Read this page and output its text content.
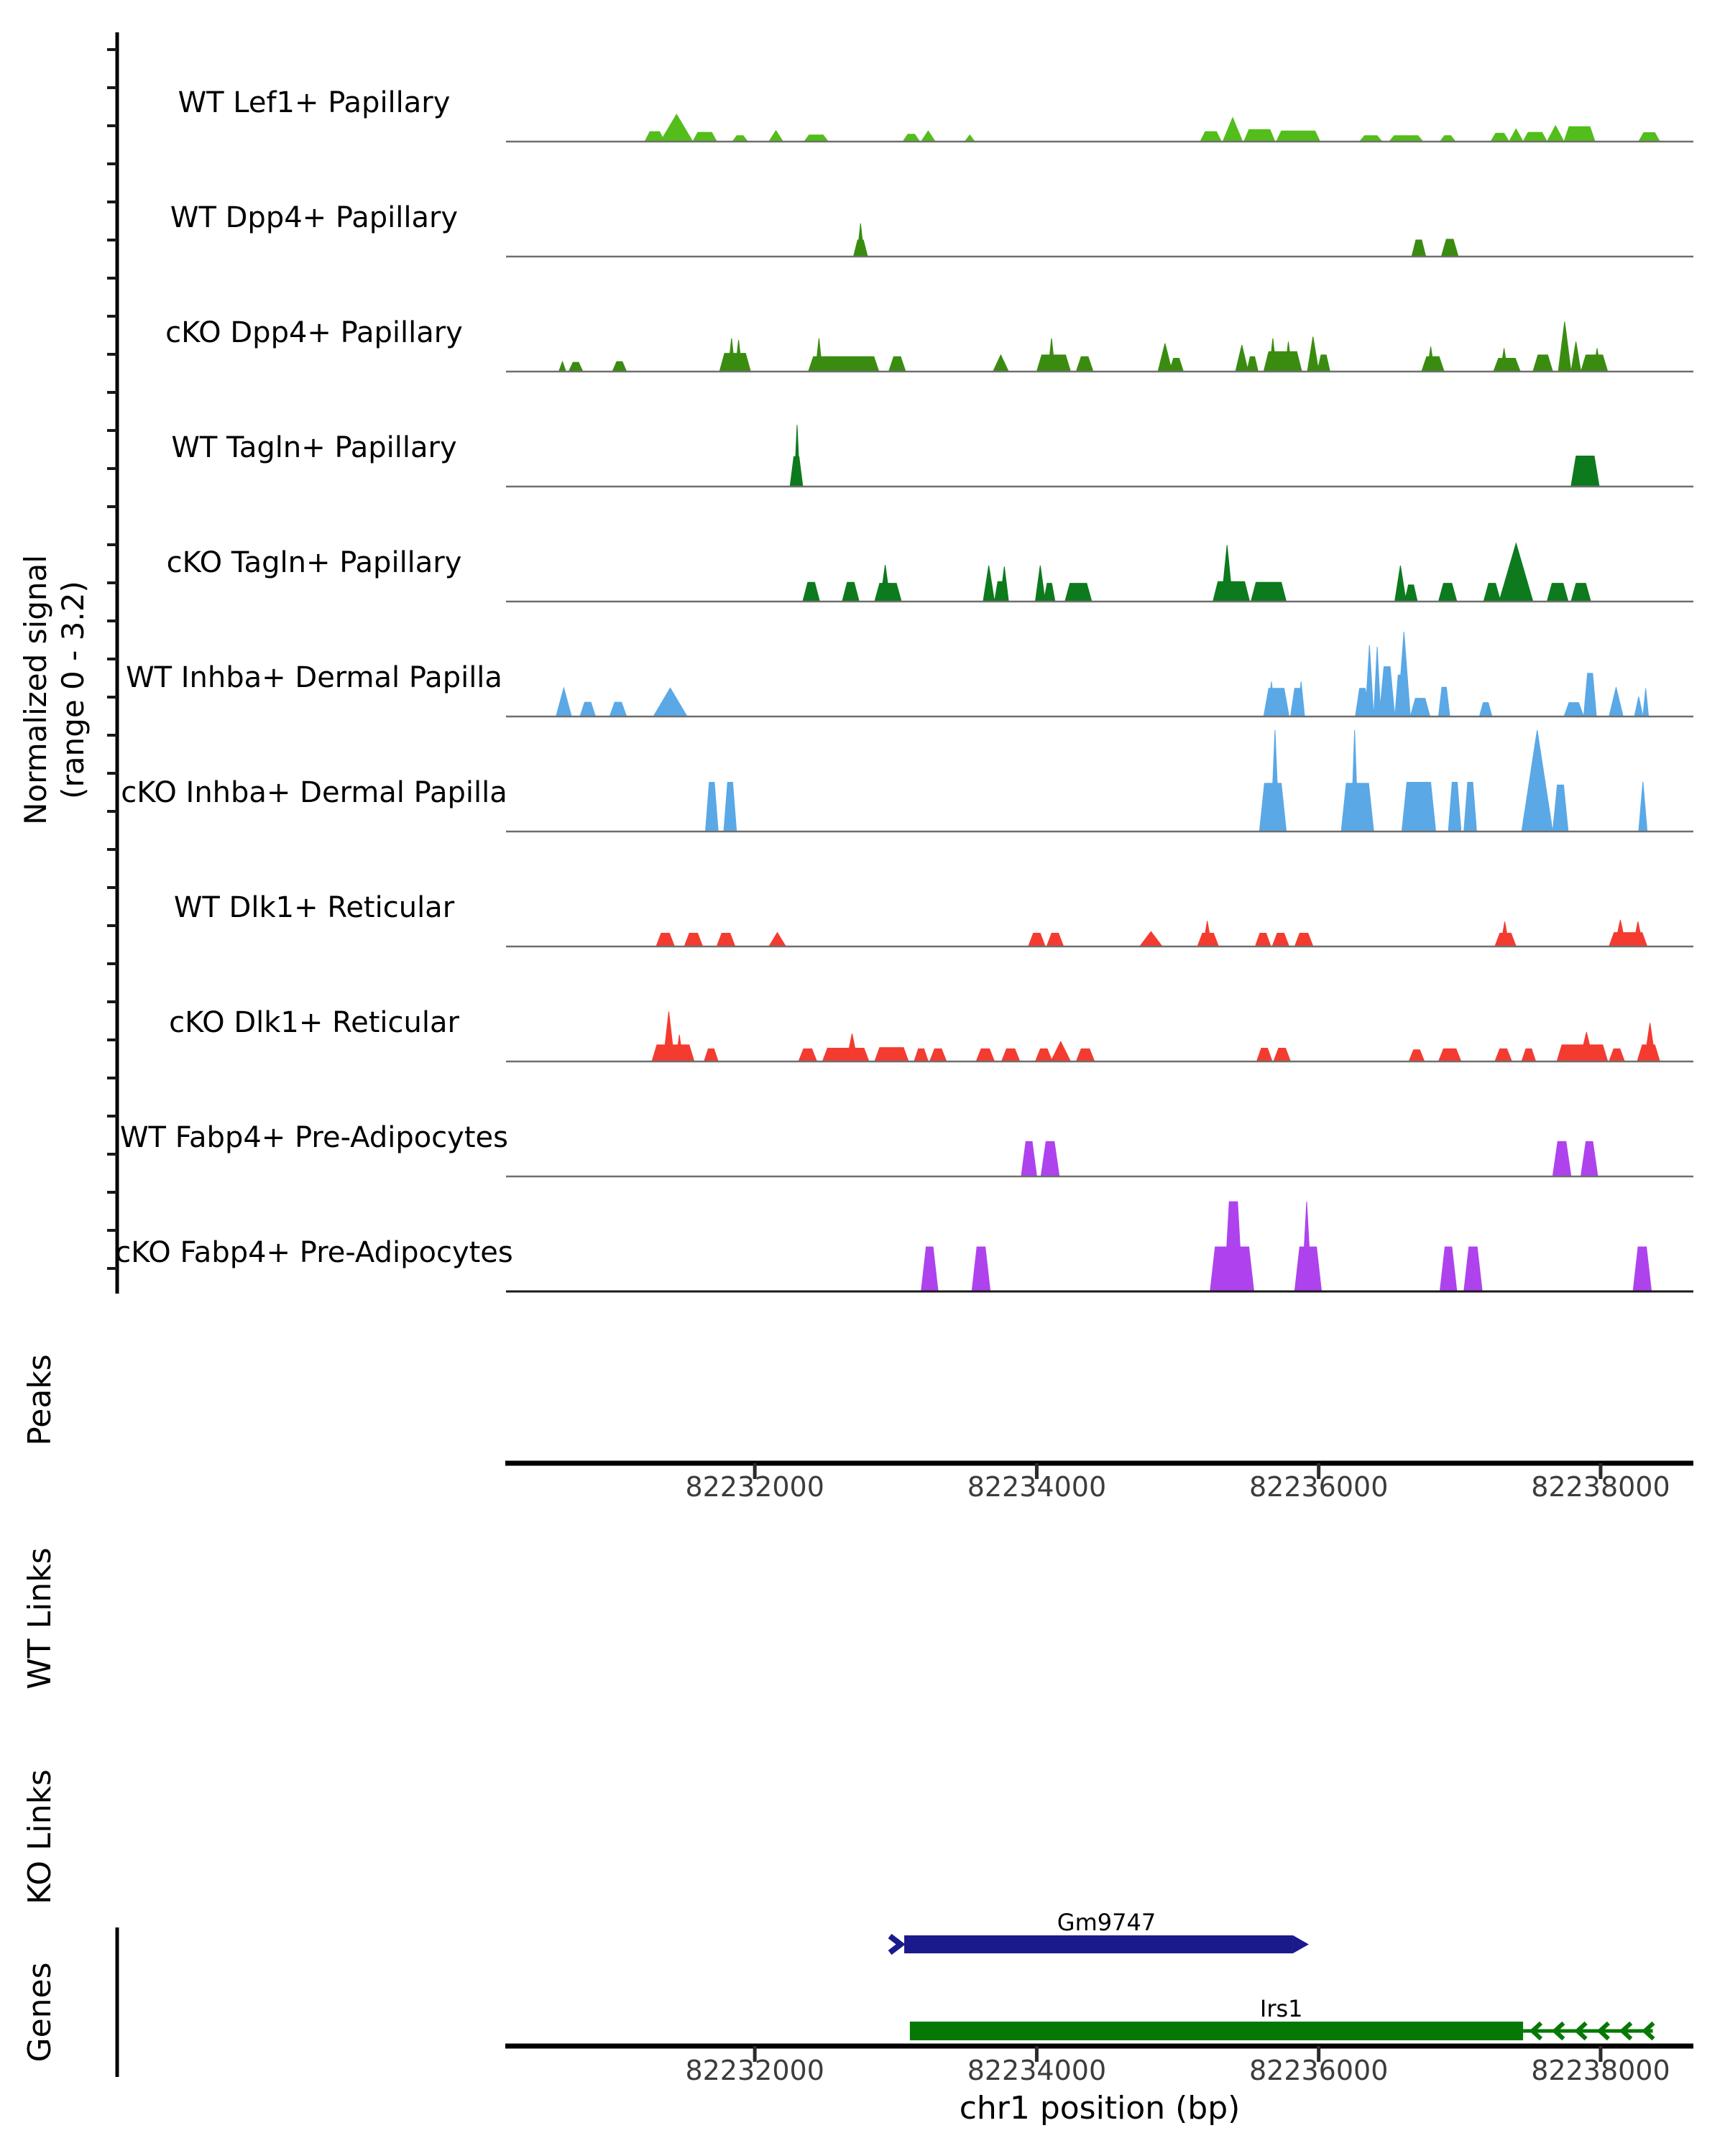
Normalized signal (range 0 - 3.2)
Peaks
WT Links
KO Links
Genes
chr1 position (bp)
WT Lef1+ Papillary
WT Dpp4+ Papillary
cKO Dpp4+ Papillary
WT Tagln+ Papillary
cKO Tagln+ Papillary
WT Inhba+ Dermal Papilla
cKO Inhba+ Dermal Papilla
WT Dlk1+ Reticular
cKO Dlk1+ Reticular
WT Fabp4+ Pre-Adipocytes
cKO Fabp4+ Pre-Adipocytes
82232000	82234000	82236000	82238000
82232000	82234000	82236000	82238000
Gm9747
Irs1
